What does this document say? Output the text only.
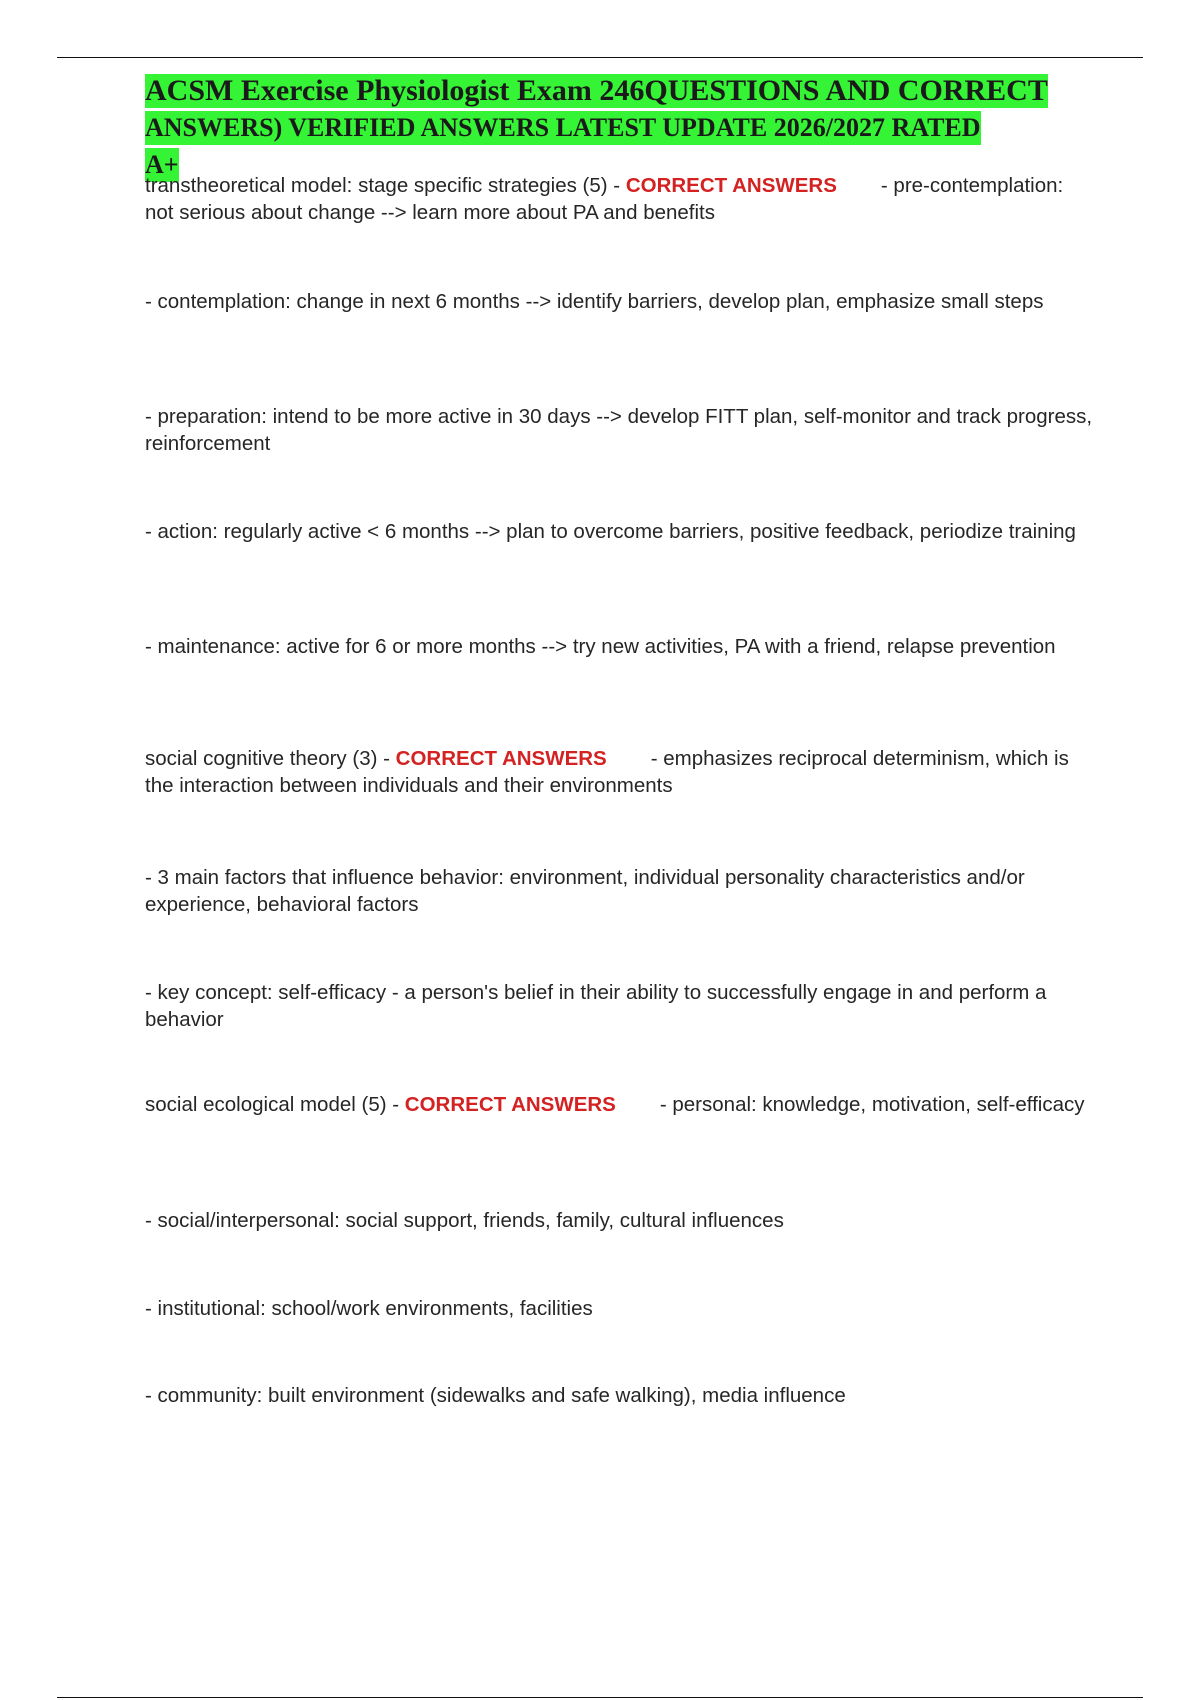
ACSM Exercise Physiologist Exam 246QUESTIONS AND CORRECT
ANSWERS) VERIFIED ANSWERS LATEST UPDATE 2026/2027 RATED
A+

transtheoretical model: stage specific strategies (5) - CORRECT ANSWERS - pre-contemplation: not serious about change --> learn more about PA and benefits

- contemplation: change in next 6 months --> identify barriers, develop plan, emphasize small steps

- preparation: intend to be more active in 30 days --> develop FITT plan, self-monitor and track progress, reinforcement

- action: regularly active < 6 months --> plan to overcome barriers, positive feedback, periodize training

- maintenance: active for 6 or more months --> try new activities, PA with a friend, relapse prevention

social cognitive theory (3) - CORRECT ANSWERS - emphasizes reciprocal determinism, which is the interaction between individuals and their environments

- 3 main factors that influence behavior: environment, individual personality characteristics and/or experience, behavioral factors

- key concept: self-efficacy - a person's belief in their ability to successfully engage in and perform a behavior

social ecological model (5) - CORRECT ANSWERS - personal: knowledge, motivation, self-efficacy

- social/interpersonal: social support, friends, family, cultural influences

- institutional: school/work environments, facilities

- community: built environment (sidewalks and safe walking), media influence
